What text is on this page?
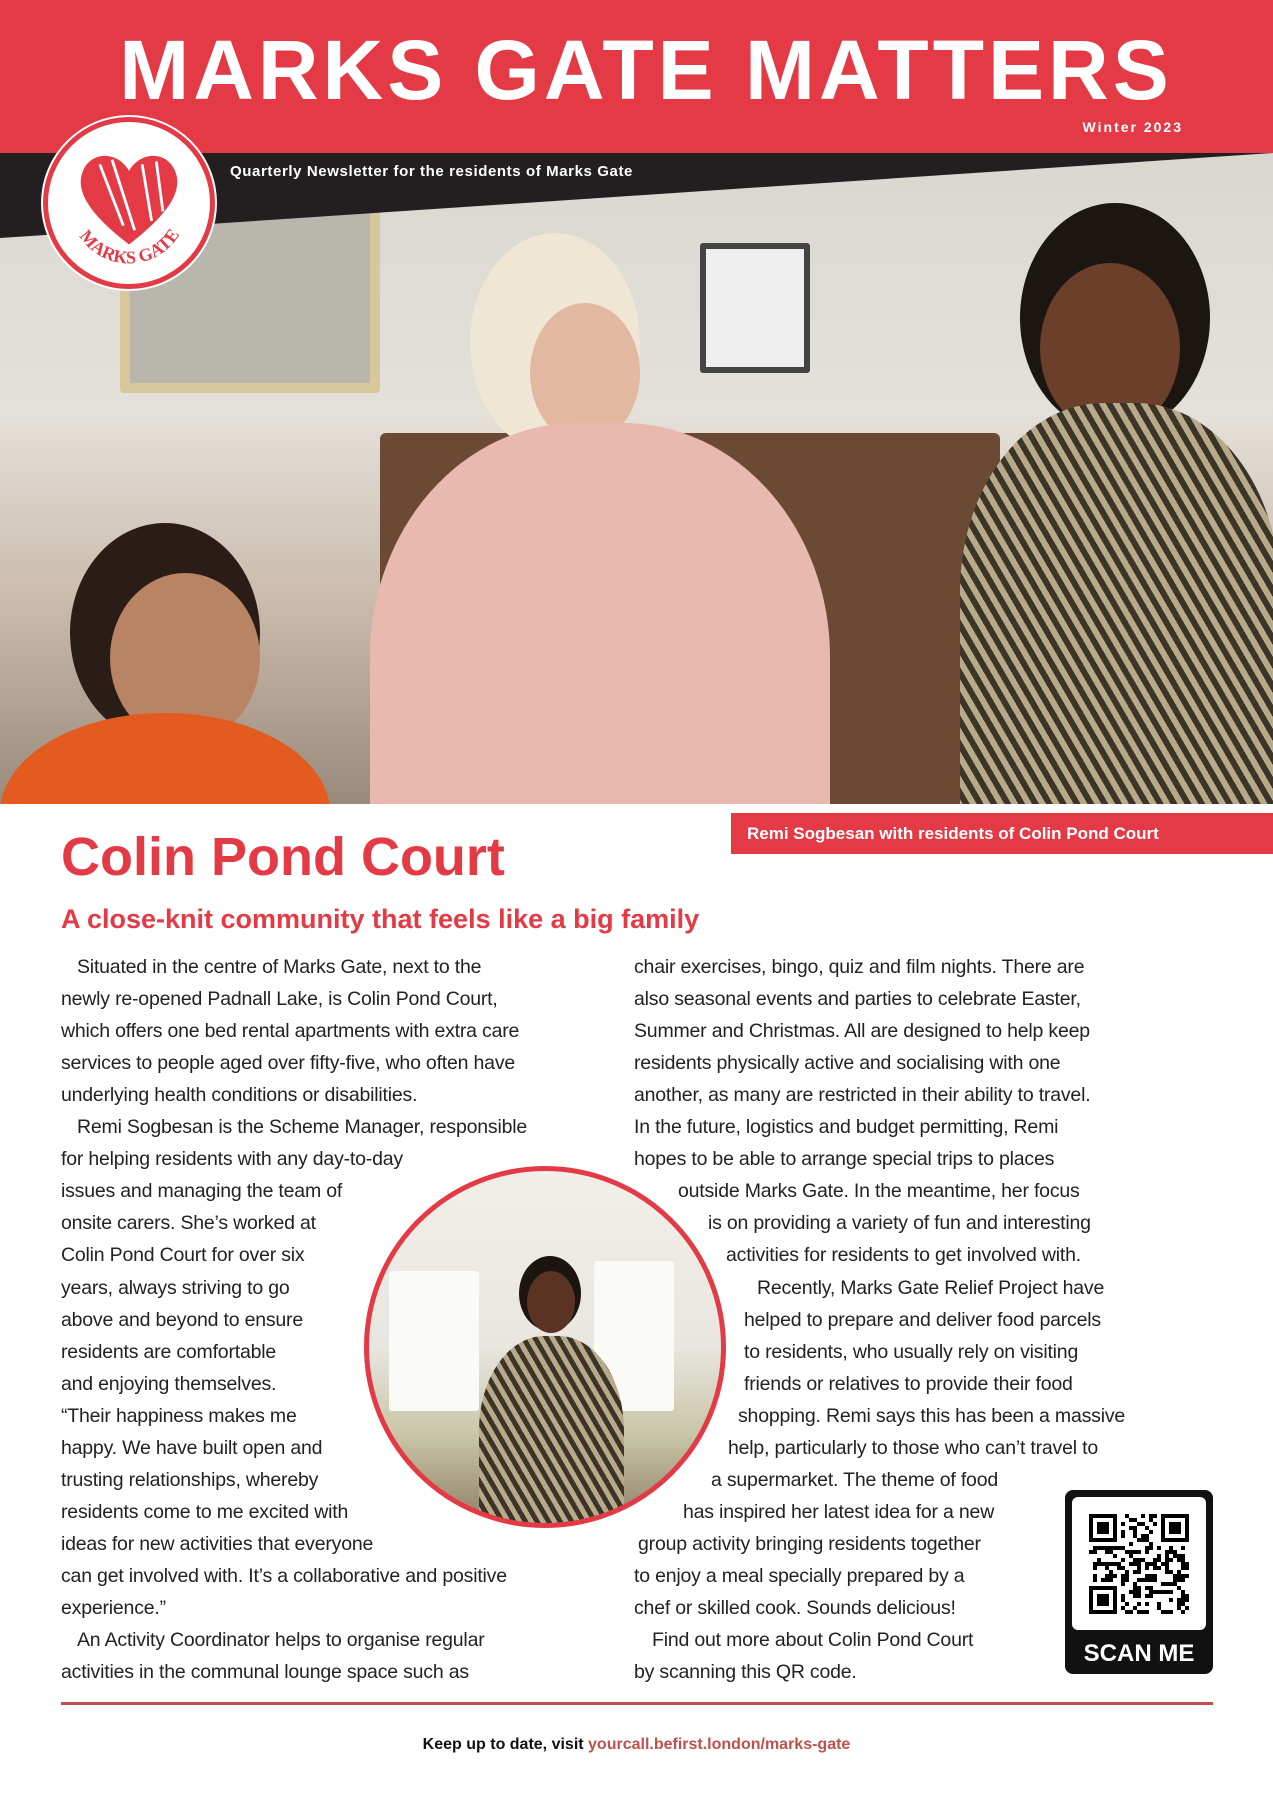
MARKS GATE MATTERS
Winter 2023
Quarterly Newsletter for the residents of Marks Gate
MARKS GATE
Remi Sogbesan with residents of Colin Pond Court
Colin Pond Court
A close-knit community that feels like a big family
Situated in the centre of Marks Gate, next to the
newly re-opened Padnall Lake, is Colin Pond Court,
which offers one bed rental apartments with extra care
services to people aged over fifty-five, who often have
underlying health conditions or disabilities.
Remi Sogbesan is the Scheme Manager, responsible
for helping residents with any day-to-day
issues and managing the team of
onsite carers. She’s worked at
Colin Pond Court for over six
years, always striving to go
above and beyond to ensure
residents are comfortable
and enjoying themselves.
“Their happiness makes me
happy. We have built open and
trusting relationships, whereby
residents come to me excited with
ideas for new activities that everyone
can get involved with. It’s a collaborative and positive
experience.”
An Activity Coordinator helps to organise regular
activities in the communal lounge space such as
chair exercises, bingo, quiz and film nights. There are
also seasonal events and parties to celebrate Easter,
Summer and Christmas. All are designed to help keep
residents physically active and socialising with one
another, as many are restricted in their ability to travel.
In the future, logistics and budget permitting, Remi
hopes to be able to arrange special trips to places
outside Marks Gate. In the meantime, her focus
is on providing a variety of fun and interesting
activities for residents to get involved with.
Recently, Marks Gate Relief Project have
helped to prepare and deliver food parcels
to residents, who usually rely on visiting
friends or relatives to provide their food
shopping. Remi says this has been a massive
help, particularly to those who can’t travel to
a supermarket. The theme of food
has inspired her latest idea for a new
group activity bringing residents together
to enjoy a meal specially prepared by a
chef or skilled cook. Sounds delicious!
Find out more about Colin Pond Court
by scanning this QR code.
SCAN ME
Keep up to date, visit yourcall.befirst.london/marks-gate
